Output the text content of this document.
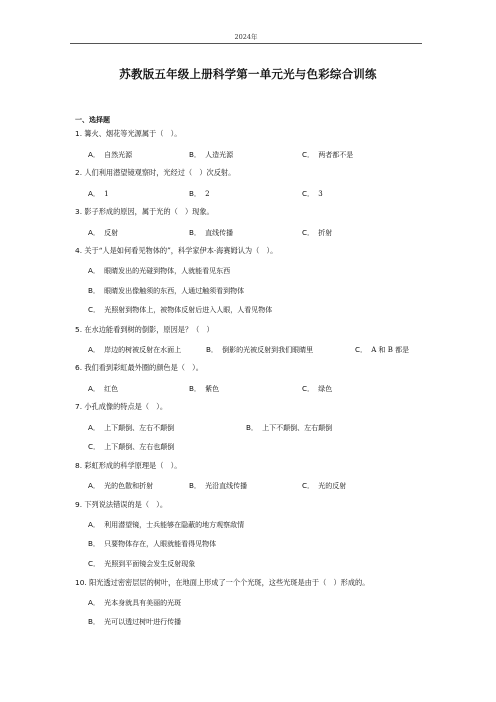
2024年
苏教版五年级上册科学第一单元光与色彩综合训练
一、选择题
1. 篝火、烟花等光源属于（　）。
A． 自然光源	B． 人造光源	C． 两者都不是
2. 人们利用潜望镜观察时，光经过（　）次反射。
A． 1	B． 2	C． 3
3. 影子形成的原因，属于光的（　）现象。
A． 反射	B． 直线传播	C． 折射
4. 关于“人是如何看见物体的”，科学家伊本·海赛姆认为（　）。
A． 眼睛发出的光碰到物体，人就能看见东西
B． 眼睛发出像触须的东西，人通过触须看到物体
C． 光照射到物体上，被物体反射后进入人眼，人看见物体
5. 在水边能看到树的倒影，原因是？（　）
A． 岸边的树被反射在水面上	B． 倒影的光被反射到我们眼睛里	C． A 和 B 都是
6. 我们看到彩虹最外圈的颜色是（　）。
A． 红色	B． 紫色	C． 绿色
7. 小孔成像的特点是（　）。
A． 上下颠倒、左右不颠倒	B． 上下不颠倒、左右颠倒
C． 上下颠倒、左右也颠倒
8. 彩虹形成的科学原理是（　）。
A． 光的色散和折射	B． 光沿直线传播	C． 光的反射
9. 下列说法错误的是（　）。
A． 利用潜望镜，士兵能够在隐蔽的地方观察敌情
B． 只要物体存在，人眼就能看得见物体
C． 光照到平面镜会发生反射现象
10. 阳光透过密密层层的树叶，在地面上形成了一个个光斑，这些光斑是由于（　）形成的。
A． 光本身就具有美丽的光斑
B． 光可以透过树叶进行传播
